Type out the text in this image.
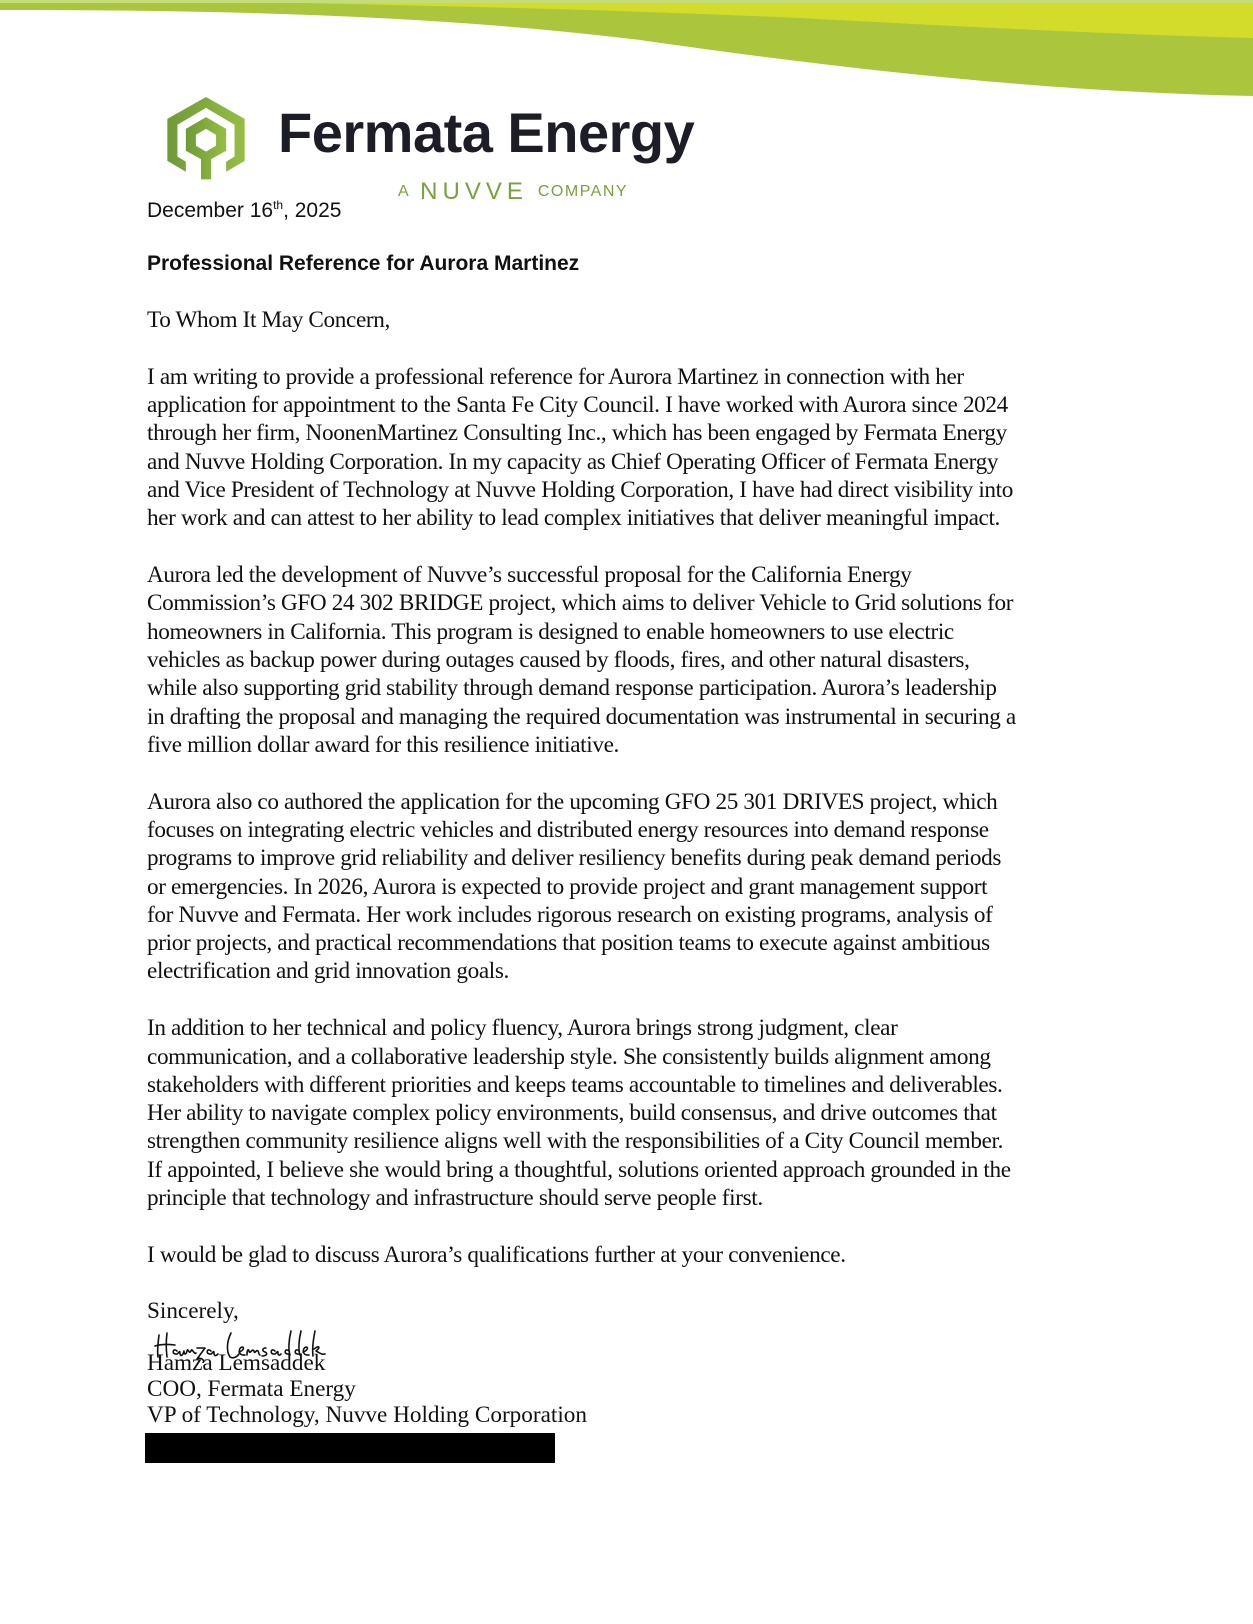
Fermata Energy
A NUVVE COMPANY
December 16th, 2025
Professional Reference for Aurora Martinez

To Whom It May Concern,

I am writing to provide a professional reference for Aurora Martinez in connection with her
application for appointment to the Santa Fe City Council. I have worked with Aurora since 2024
through her firm, NoonenMartinez Consulting Inc., which has been engaged by Fermata Energy
and Nuvve Holding Corporation. In my capacity as Chief Operating Officer of Fermata Energy
and Vice President of Technology at Nuvve Holding Corporation, I have had direct visibility into
her work and can attest to her ability to lead complex initiatives that deliver meaningful impact.

Aurora led the development of Nuvve’s successful proposal for the California Energy
Commission’s GFO 24 302 BRIDGE project, which aims to deliver Vehicle to Grid solutions for
homeowners in California. This program is designed to enable homeowners to use electric
vehicles as backup power during outages caused by floods, fires, and other natural disasters,
while also supporting grid stability through demand response participation. Aurora’s leadership
in drafting the proposal and managing the required documentation was instrumental in securing a
five million dollar award for this resilience initiative.

Aurora also co authored the application for the upcoming GFO 25 301 DRIVES project, which
focuses on integrating electric vehicles and distributed energy resources into demand response
programs to improve grid reliability and deliver resiliency benefits during peak demand periods
or emergencies. In 2026, Aurora is expected to provide project and grant management support
for Nuvve and Fermata. Her work includes rigorous research on existing programs, analysis of
prior projects, and practical recommendations that position teams to execute against ambitious
electrification and grid innovation goals.

In addition to her technical and policy fluency, Aurora brings strong judgment, clear
communication, and a collaborative leadership style. She consistently builds alignment among
stakeholders with different priorities and keeps teams accountable to timelines and deliverables.
Her ability to navigate complex policy environments, build consensus, and drive outcomes that
strengthen community resilience aligns well with the responsibilities of a City Council member.
If appointed, I believe she would bring a thoughtful, solutions oriented approach grounded in the
principle that technology and infrastructure should serve people first.

I would be glad to discuss Aurora’s qualifications further at your convenience.

Sincerely,
Hamza Lemsaddek
COO, Fermata Energy
VP of Technology, Nuvve Holding Corporation
